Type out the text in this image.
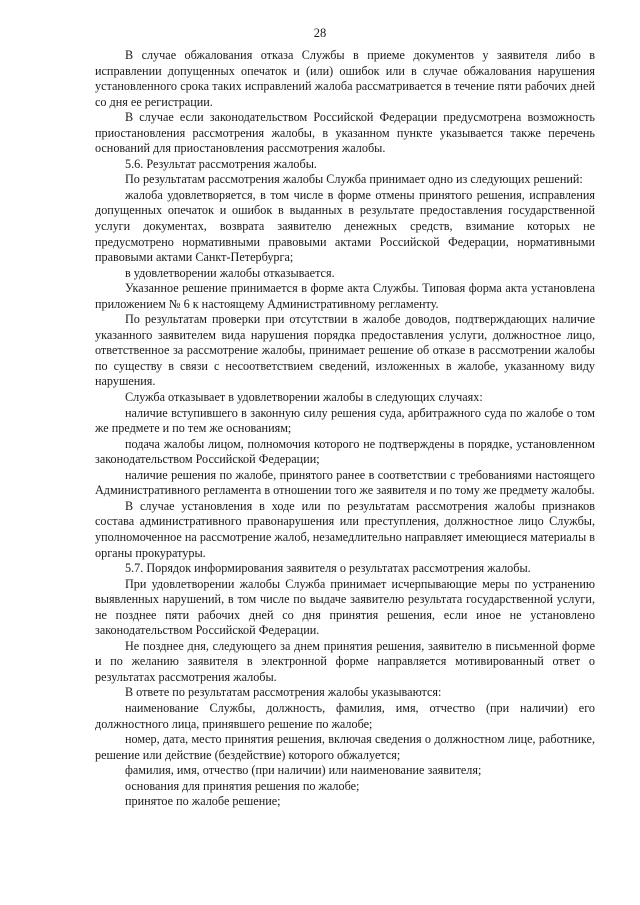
28

В случае обжалования отказа Службы в приеме документов у заявителя либо в исправлении допущенных опечаток и (или) ошибок или в случае обжалования нарушения установленного срока таких исправлений жалоба рассматривается в течение пяти рабочих дней со дня ее регистрации.

В случае если законодательством Российской Федерации предусмотрена возможность приостановления рассмотрения жалобы, в указанном пункте указывается также перечень оснований для приостановления рассмотрения жалобы.

5.6. Результат рассмотрения жалобы.

По результатам рассмотрения жалобы Служба принимает одно из следующих решений:

жалоба удовлетворяется, в том числе в форме отмены принятого решения, исправления допущенных опечаток и ошибок в выданных в результате предоставления государственной услуги документах, возврата заявителю денежных средств, взимание которых не предусмотрено нормативными правовыми актами Российской Федерации, нормативными правовыми актами Санкт-Петербурга;

в удовлетворении жалобы отказывается.

Указанное решение принимается в форме акта Службы. Типовая форма акта установлена приложением № 6 к настоящему Административному регламенту.

По результатам проверки при отсутствии в жалобе доводов, подтверждающих наличие указанного заявителем вида нарушения порядка предоставления услуги, должностное лицо, ответственное за рассмотрение жалобы, принимает решение об отказе в рассмотрении жалобы по существу в связи с несоответствием сведений, изложенных в жалобе, указанному виду нарушения.

Служба отказывает в удовлетворении жалобы в следующих случаях:

наличие вступившего в законную силу решения суда, арбитражного суда по жалобе о том же предмете и по тем же основаниям;

подача жалобы лицом, полномочия которого не подтверждены в порядке, установленном законодательством Российской Федерации;

наличие решения по жалобе, принятого ранее в соответствии с требованиями настоящего Административного регламента в отношении того же заявителя и по тому же предмету жалобы.

В случае установления в ходе или по результатам рассмотрения жалобы признаков состава административного правонарушения или преступления, должностное лицо Службы, уполномоченное на рассмотрение жалоб, незамедлительно направляет имеющиеся материалы в органы прокуратуры.

5.7. Порядок информирования заявителя о результатах рассмотрения жалобы.

При удовлетворении жалобы Служба принимает исчерпывающие меры по устранению выявленных нарушений, в том числе по выдаче заявителю результата государственной услуги, не позднее пяти рабочих дней со дня принятия решения, если иное не установлено законодательством Российской Федерации.

Не позднее дня, следующего за днем принятия решения, заявителю в письменной форме и по желанию заявителя в электронной форме направляется мотивированный ответ о результатах рассмотрения жалобы.

В ответе по результатам рассмотрения жалобы указываются:

наименование Службы, должность, фамилия, имя, отчество (при наличии) его должностного лица, принявшего решение по жалобе;

номер, дата, место принятия решения, включая сведения о должностном лице, работнике, решение или действие (бездействие) которого обжалуется;

фамилия, имя, отчество (при наличии) или наименование заявителя;

основания для принятия решения по жалобе;

принятое по жалобе решение;
